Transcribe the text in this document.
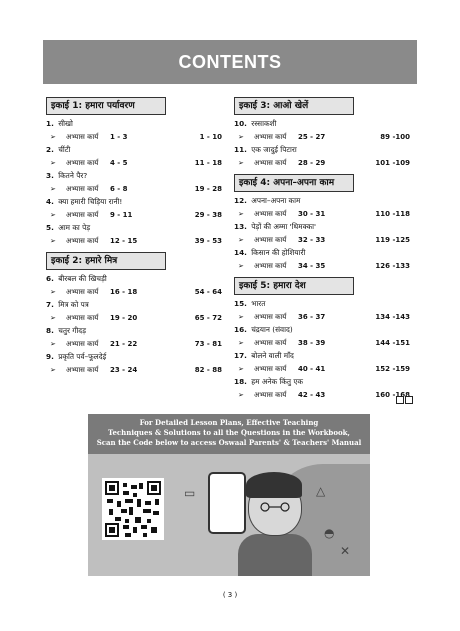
CONTENTS
इकाई 1: हमारा पर्यावरण
1. सीखो
➢	अभ्यास कार्य	1 - 3	1 - 10
2. चींटी
➢	अभ्यास कार्य	4 - 5	11 - 18
3. कितने पैर?
➢	अभ्यास कार्य	6 - 8	19 - 28
4. क्या हमारी चिड़िया रानी!
➢	अभ्यास कार्य	9 - 11	29 - 38
5. आम का पेड़
➢	अभ्यास कार्य	12 - 15	39 - 53
इकाई 2: हमारे मित्र
6. बीरबल की खिचड़ी
➢	अभ्यास कार्य	16 - 18	54 - 64
7. मित्र को पत्र
➢	अभ्यास कार्य	19 - 20	65 - 72
8. चतुर गीदड़
➢	अभ्यास कार्य	21 - 22	73 - 81
9. प्रकृति पर्व–फूलदेई
➢	अभ्यास कार्य	23 - 24	82 - 88
इकाई 3: आओ खेलें
10. रस्साकशी
➢	अभ्यास कार्य	25 - 27	89 -100
11. एक जादुई पिटारा
➢	अभ्यास कार्य	28 - 29	101 -109
इकाई 4: अपना–अपना काम
12. अपना–अपना काम
➢	अभ्यास कार्य	30 - 31	110 -118
13. पेड़ों की अम्मा 'थिमक्का'
➢	अभ्यास कार्य	32 - 33	119 -125
14. किसान की होशियारी
➢	अभ्यास कार्य	34 - 35	126 -133
इकाई 5: हमारा देश
15. भारत
➢	अभ्यास कार्य	36 - 37	134 -143
16. चंद्रयान (संवाद)
➢	अभ्यास कार्य	38 - 39	144 -151
17. बोलने वाली माँद
➢	अभ्यास कार्य	40 - 41	152 -159
18. हम अनेक किंतु एक
➢	अभ्यास कार्य	42 - 43	160 -168
For Detailed Lesson Plans, Effective Teaching
Techniques & Solutions to all the Questions in the Workbook,
Scan the Code below to access Oswaal Parents' & Teachers' Manual
◓
✕
▭	△
( 3 )
